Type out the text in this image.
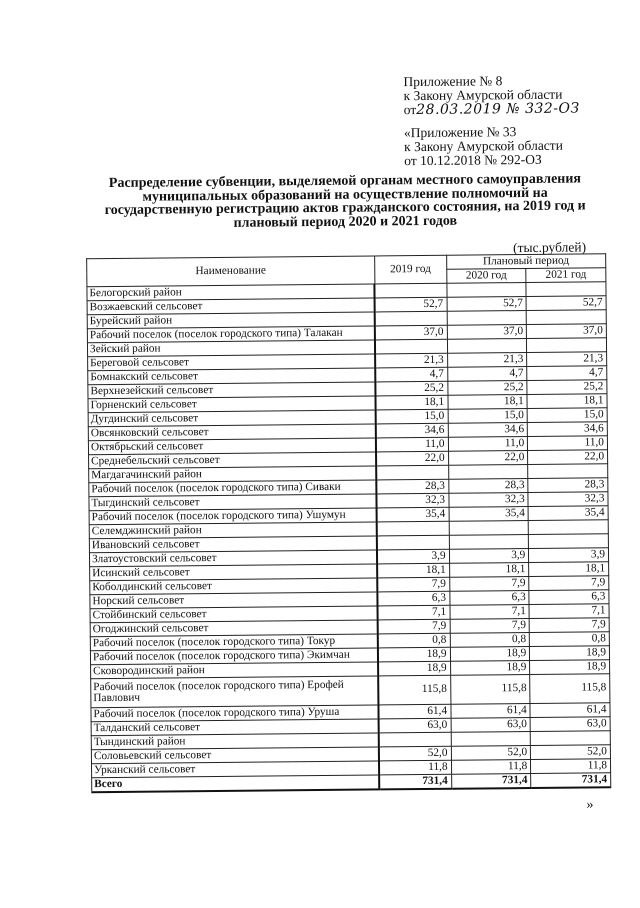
Приложение № 8
к Закону Амурской области
от28.03.2019 № 332-ОЗ
«Приложение № 33
к Закону Амурской области
от 10.12.2018 № 292-ОЗ
Распределение субвенции, выделяемой органам местного самоуправления муниципальных образований на осуществление полномочий на государственную регистрацию актов гражданского состояния, на 2019 год и плановый период 2020 и 2021 годов
(тыс.рублей)
Наименование	2019 год	Плановый период	
		2020 год	2021 год
Белогорский район			
Возжаевский сельсовет	52,7	52,7	52,7
Бурейский район			
Рабочий поселок (поселок городского типа) Талакан	37,0	37,0	37,0
Зейский район			
Береговой сельсовет	21,3	21,3	21,3
Бомнакский сельсовет	4,7	4,7	4,7
Верхнезейский сельсовет	25,2	25,2	25,2
Горненский сельсовет	18,1	18,1	18,1
Дугдинский сельсовет	15,0	15,0	15,0
Овсянковский сельсовет	34,6	34,6	34,6
Октябрьский сельсовет	11,0	11,0	11,0
Среднебельский сельсовет	22,0	22,0	22,0
Магдагачинский район			
Рабочий поселок (поселок городского типа) Сиваки	28,3	28,3	28,3
Тыгдинский сельсовет	32,3	32,3	32,3
Рабочий поселок (поселок городского типа) Ушумун	35,4	35,4	35,4
Селемджинский район			
Ивановский сельсовет			
Златоустовский сельсовет	3,9	3,9	3,9
Исинский сельсовет	18,1	18,1	18,1
Коболдинский сельсовет	7,9	7,9	7,9
Норский сельсовет	6,3	6,3	6,3
Стойбинский сельсовет	7,1	7,1	7,1
Огоджинский сельсовет	7,9	7,9	7,9
Рабочий поселок (поселок городского типа) Токур	0,8	0,8	0,8
Рабочий поселок (поселок городского типа) Экимчан	18,9	18,9	18,9
Сковородинский район	18,9	18,9	18,9
Рабочий поселок (поселок городского типа) Ерофей Павлович	115,8	115,8	115,8
Рабочий поселок (поселок городского типа) Уруша	61,4	61,4	61,4
Талданский сельсовет	63,0	63,0	63,0
Тындинский район			
Соловьевский сельсовет	52,0	52,0	52,0
Урканский сельсовет	11,8	11,8	11,8
Всего	731,4	731,4	731,4
»
